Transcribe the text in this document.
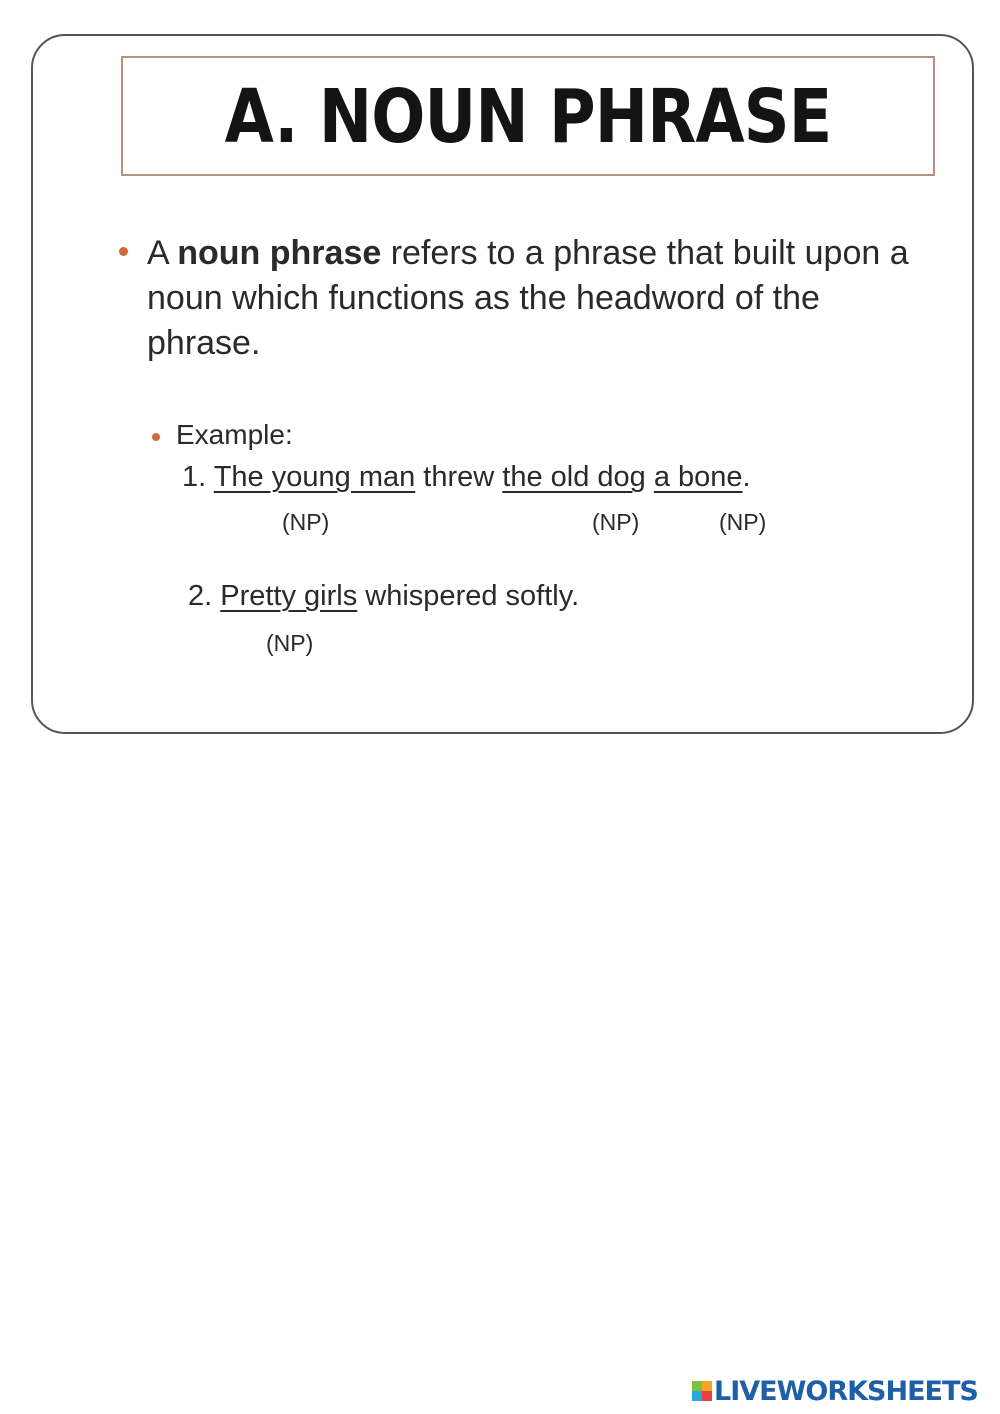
A. NOUN PHRASE
A noun phrase refers to a phrase that built upon a noun which functions as the headword of the phrase.
Example:
1. The young man threw the old dog a bone.
(NP)	(NP)	(NP)
2. Pretty girls whispered softly.
(NP)
LIVEWORKSHEETS
